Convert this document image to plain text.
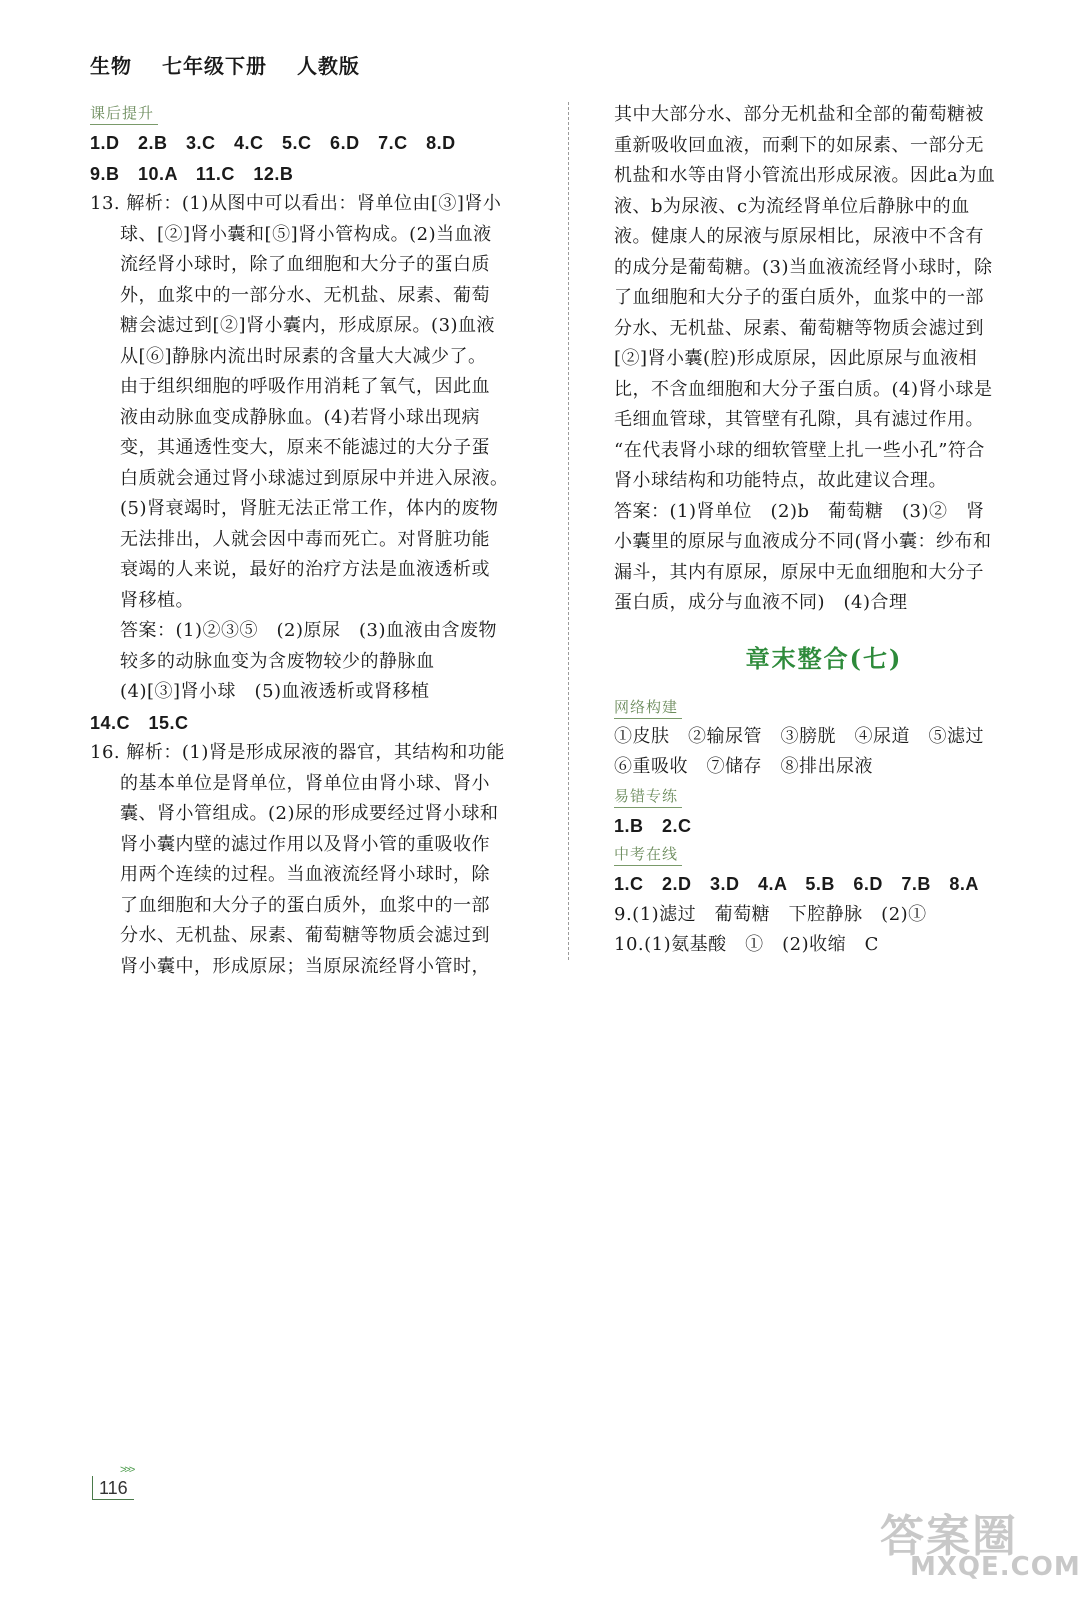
生物 七年级下册 人教版
课后提升
1.D　2.B　3.C　4.C　5.C　6.D　7.C　8.D
9.B　10.A　11.C　12.B
13. 解析：(1)从图中可以看出：肾单位由[③]肾小
球、[②]肾小囊和[⑤]肾小管构成。(2)当血液
流经肾小球时，除了血细胞和大分子的蛋白质
外，血浆中的一部分水、无机盐、尿素、葡萄
糖会滤过到[②]肾小囊内，形成原尿。(3)血液
从[⑥]静脉内流出时尿素的含量大大减少了。
由于组织细胞的呼吸作用消耗了氧气，因此血
液由动脉血变成静脉血。(4)若肾小球出现病
变，其通透性变大，原来不能滤过的大分子蛋
白质就会通过肾小球滤过到原尿中并进入尿液。
(5)肾衰竭时，肾脏无法正常工作，体内的废物
无法排出，人就会因中毒而死亡。对肾脏功能
衰竭的人来说，最好的治疗方法是血液透析或
肾移植。
答案：(1)②③⑤　(2)原尿　(3)血液由含废物
较多的动脉血变为含废物较少的静脉血
(4)[③]肾小球　(5)血液透析或肾移植
14.C　15.C
16. 解析：(1)肾是形成尿液的器官，其结构和功能
的基本单位是肾单位，肾单位由肾小球、肾小
囊、肾小管组成。(2)尿的形成要经过肾小球和
肾小囊内壁的滤过作用以及肾小管的重吸收作
用两个连续的过程。当血液流经肾小球时，除
了血细胞和大分子的蛋白质外，血浆中的一部
分水、无机盐、尿素、葡萄糖等物质会滤过到
肾小囊中，形成原尿；当原尿流经肾小管时，
其中大部分水、部分无机盐和全部的葡萄糖被
重新吸收回血液，而剩下的如尿素、一部分无
机盐和水等由肾小管流出形成尿液。因此a为血
液、b为尿液、c为流经肾单位后静脉中的血
液。健康人的尿液与原尿相比，尿液中不含有
的成分是葡萄糖。(3)当血液流经肾小球时，除
了血细胞和大分子的蛋白质外，血浆中的一部
分水、无机盐、尿素、葡萄糖等物质会滤过到
[②]肾小囊(腔)形成原尿，因此原尿与血液相
比，不含血细胞和大分子蛋白质。(4)肾小球是
毛细血管球，其管壁有孔隙，具有滤过作用。
“在代表肾小球的细软管壁上扎一些小孔”符合
肾小球结构和功能特点，故此建议合理。
答案：(1)肾单位　(2)b　葡萄糖　(3)②　肾
小囊里的原尿与血液成分不同(肾小囊：纱布和
漏斗，其内有原尿，原尿中无血细胞和大分子
蛋白质，成分与血液不同)　(4)合理
章末整合(七)
网络构建
①皮肤　②输尿管　③膀胱　④尿道　⑤滤过
⑥重吸收　⑦储存　⑧排出尿液
易错专练
1.B　2.C
中考在线
1.C　2.D　3.D　4.A　5.B　6.D　7.B　8.A
9.(1)滤过　葡萄糖　下腔静脉　(2)①
10.(1)氨基酸　①　(2)收缩　C
>>>
116
答案圈
MXQE.COM
